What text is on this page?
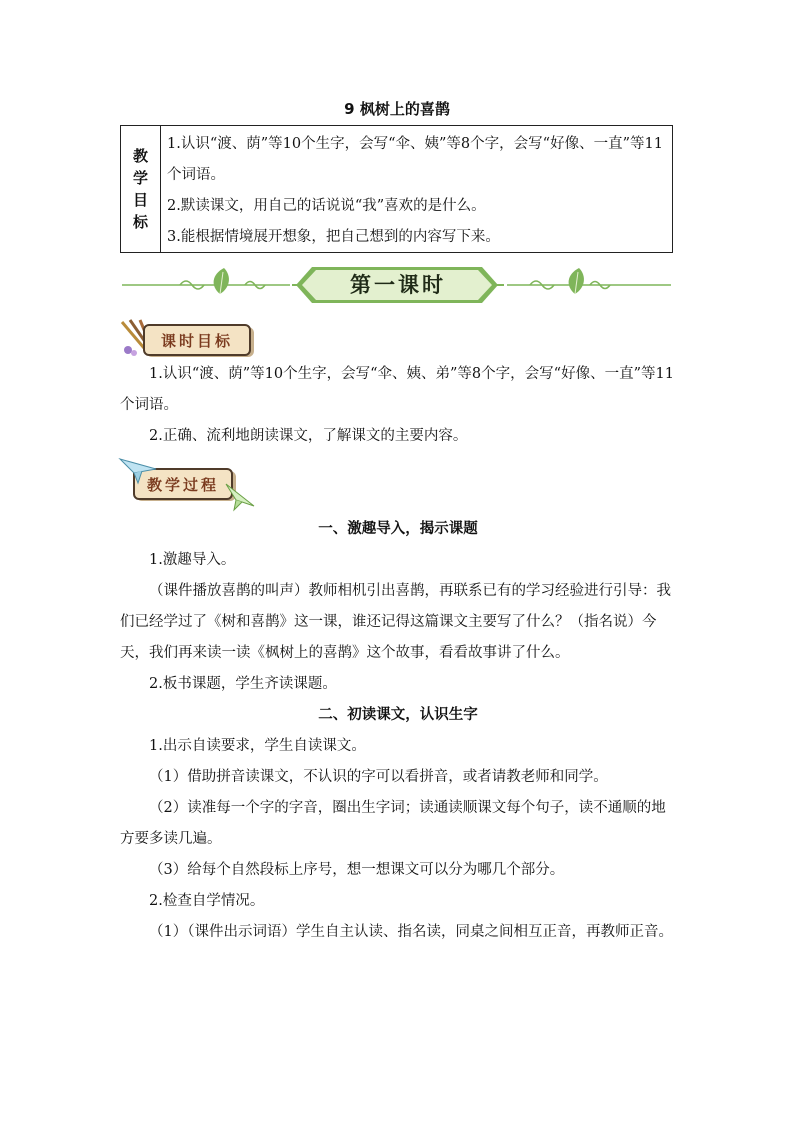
9 枫树上的喜鹊
教
学
目
标

1.认识“渡、荫”等10个生字，会写“伞、姨”等8个字，会写“好像、一直”等11个词语。

2.默读课文，用自己的话说说“我”喜欢的是什么。

3.能根据情境展开想象，把自己想到的内容写下来。

第一课时
课时目标

1.认识“渡、荫”等10个生字，会写“伞、姨、弟”等8个字，会写“好像、一直”等11个词语。

2.正确、流利地朗读课文，了解课文的主要内容。

教学过程

一、激趣导入，揭示课题

1.激趣导入。

（课件播放喜鹊的叫声）教师相机引出喜鹊，再联系已有的学习经验进行引导：我们已经学过了《树和喜鹊》这一课，谁还记得这篇课文主要写了什么？（指名说）今天，我们再来读一读《枫树上的喜鹊》这个故事，看看故事讲了什么。

2.板书课题，学生齐读课题。

二、初读课文，认识生字

1.出示自读要求，学生自读课文。

（1）借助拼音读课文，不认识的字可以看拼音，或者请教老师和同学。

（2）读准每一个字的字音，圈出生字词；读通读顺课文每个句子，读不通顺的地方要多读几遍。

（3）给每个自然段标上序号，想一想课文可以分为哪几个部分。

2.检查自学情况。

（1）（课件出示词语）学生自主认读、指名读，同桌之间相互正音，再教师正音。
